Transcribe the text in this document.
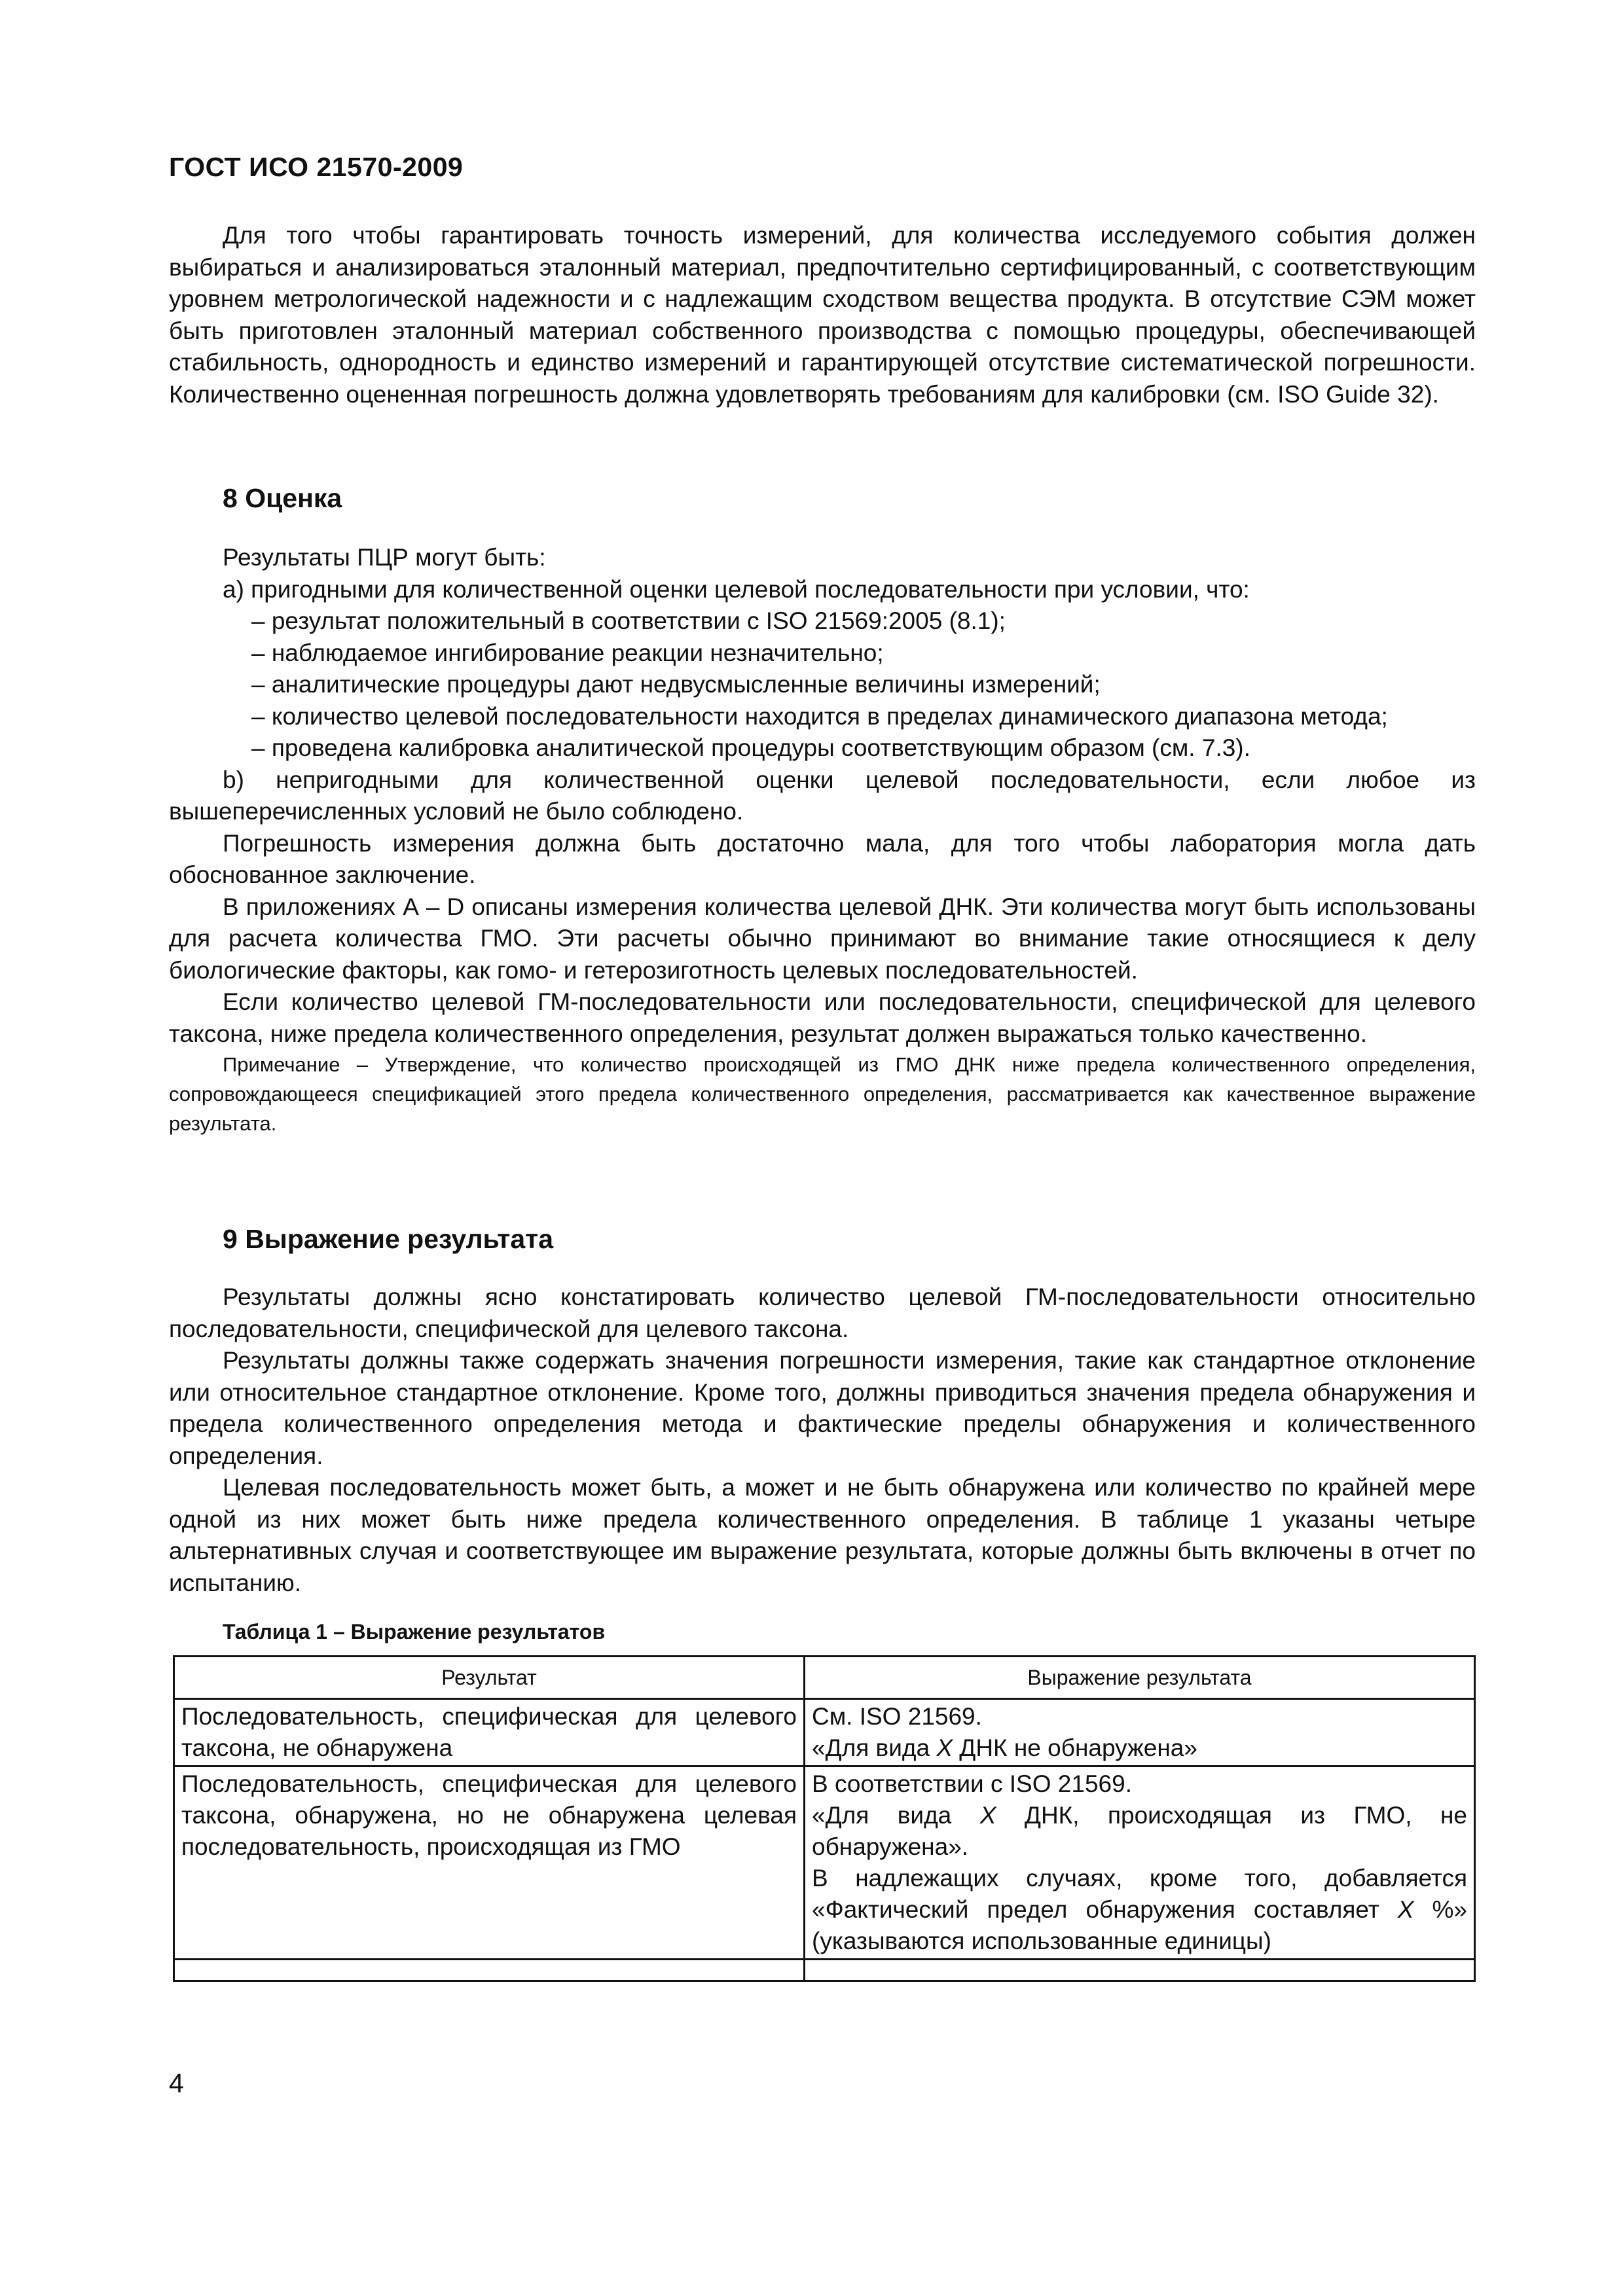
ГОСТ ИСО 21570-2009

Для того чтобы гарантировать точность измерений, для количества исследуемого события должен выбираться и анализироваться эталонный материал, предпочтительно сертифицированный, с соответствующим уровнем метрологической надежности и с надлежащим сходством вещества продукта. В отсутствие СЭМ может быть приготовлен эталонный материал собственного производства с помощью процедуры, обеспечивающей стабильность, однородность и единство измерений и гарантирующей отсутствие систематической погрешности. Количественно оцененная погрешность должна удовлетворять требованиям для калибровки (см. ISO Guide 32).

8 Оценка

Результаты ПЦР могут быть:

а) пригодными для количественной оценки целевой последовательности при условии, что:

– результат положительный в соответствии с ISO 21569:2005 (8.1);

– наблюдаемое ингибирование реакции незначительно;

– аналитические процедуры дают недвусмысленные величины измерений;

– количество целевой последовательности находится в пределах динамического диапазона метода;

– проведена калибровка аналитической процедуры соответствующим образом (см. 7.3).

b) непригодными для количественной оценки целевой последовательности, если любое из вышеперечисленных условий не было соблюдено.

Погрешность измерения должна быть достаточно мала, для того чтобы лаборатория могла дать обоснованное заключение.

В приложениях А – D описаны измерения количества целевой ДНК. Эти количества могут быть использованы для расчета количества ГМО. Эти расчеты обычно принимают во внимание такие относящиеся к делу биологические факторы, как гомо- и гетерозиготность целевых последовательностей.

Если количество целевой ГМ-последовательности или последовательности, специфической для целевого таксона, ниже предела количественного определения, результат должен выражаться только качественно.

Примечание – Утверждение, что количество происходящей из ГМО ДНК ниже предела количественного определения, сопровождающееся спецификацией этого предела количественного определения, рассматривается как качественное выражение результата.

9 Выражение результата

Результаты должны ясно констатировать количество целевой ГМ-последовательности относительно последовательности, специфической для целевого таксона.

Результаты должны также содержать значения погрешности измерения, такие как стандартное отклонение или относительное стандартное отклонение. Кроме того, должны приводиться значения предела обнаружения и предела количественного определения метода и фактические пределы обнаружения и количественного определения.

Целевая последовательность может быть, а может и не быть обнаружена или количество по крайней мере одной из них может быть ниже предела количественного определения. В таблице 1 указаны четыре альтернативных случая и соответствующее им выражение результата, которые должны быть включены в отчет по испытанию.

Таблица 1 – Выражение результатов
Результат	Выражение результата

Последовательность, специфическая для целевого таксона, не обнаружена	См. ISO 21569.

«Для вида X ДНК не обнаружена»

Последовательность, специфическая для целевого таксона, обнаружена, но не обнаружена целевая последовательность, происходящая из ГМО	В соответствии с ISO 21569.

«Для вида X ДНК, происходящая из ГМО, не обнаружена».

В надлежащих случаях, кроме того, добавляется «Фактический предел обнаружения составляет X %» (указываются использованные единицы)

4
